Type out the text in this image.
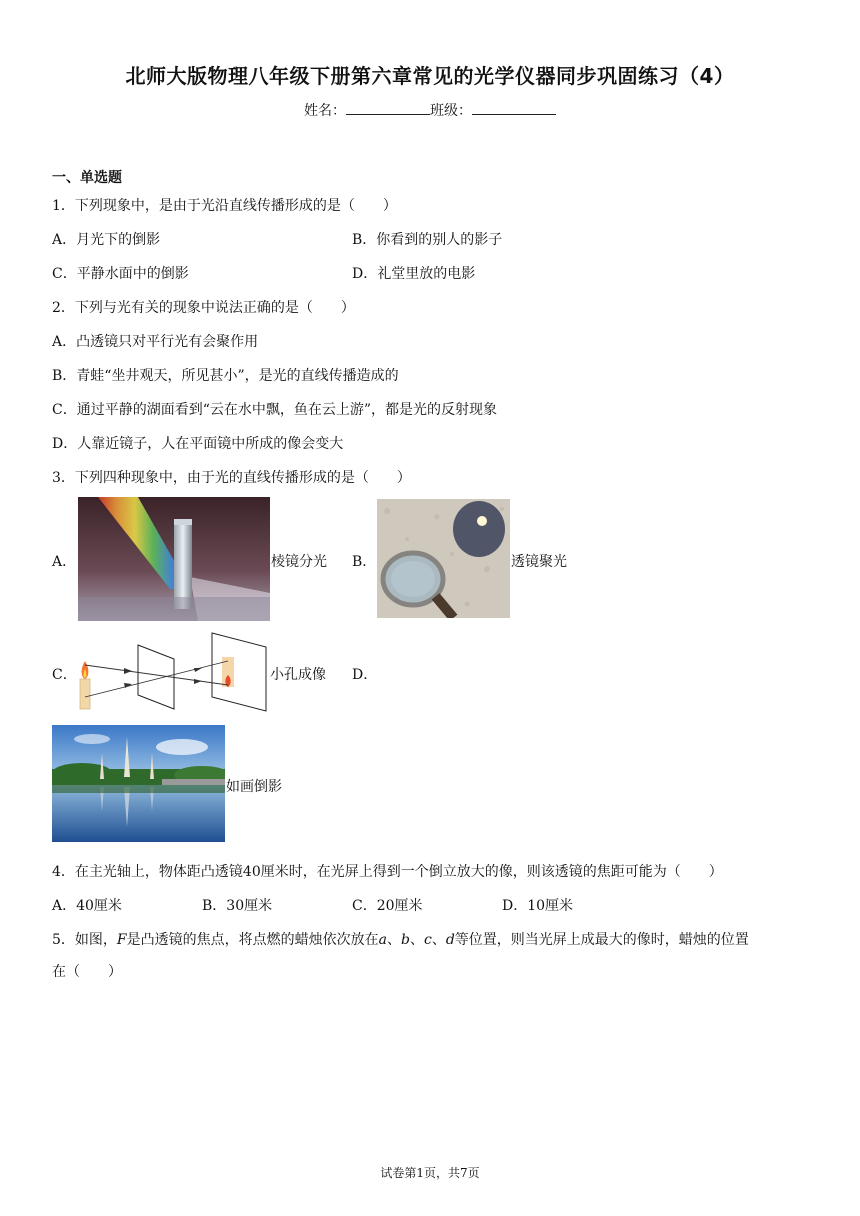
北师大版物理八年级下册第六章常见的光学仪器同步巩固练习（4）
姓名：	班级：
一、单选题
1．下列现象中，是由于光沿直线传播形成的是（　　）
A．月光下的倒影	B．你看到的别人的影子
C．平静水面中的倒影	D．礼堂里放的电影
2．下列与光有关的现象中说法正确的是（　　）
A．凸透镜只对平行光有会聚作用
B．青蛙“坐井观天，所见甚小”，是光的直线传播造成的
C．通过平静的湖面看到“云在水中飘，鱼在云上游”，都是光的反射现象
D．人靠近镜子，人在平面镜中所成的像会变大
3．下列四种现象中，由于光的直线传播形成的是（　　）
A．	棱镜分光 B．	透镜聚光
C．	小孔成像 D．
如画倒影
4．在主光轴上，物体距凸透镜40厘米时，在光屏上得到一个倒立放大的像，则该透镜的焦距可能为（　　）
A．40厘米	B．30厘米	C．20厘米	D．10厘米
5．如图，F是凸透镜的焦点，将点燃的蜡烛依次放在a、b、c、d等位置，则当光屏上成最大的像时，蜡烛的位置
在（　　）
试卷第1页，共7页
